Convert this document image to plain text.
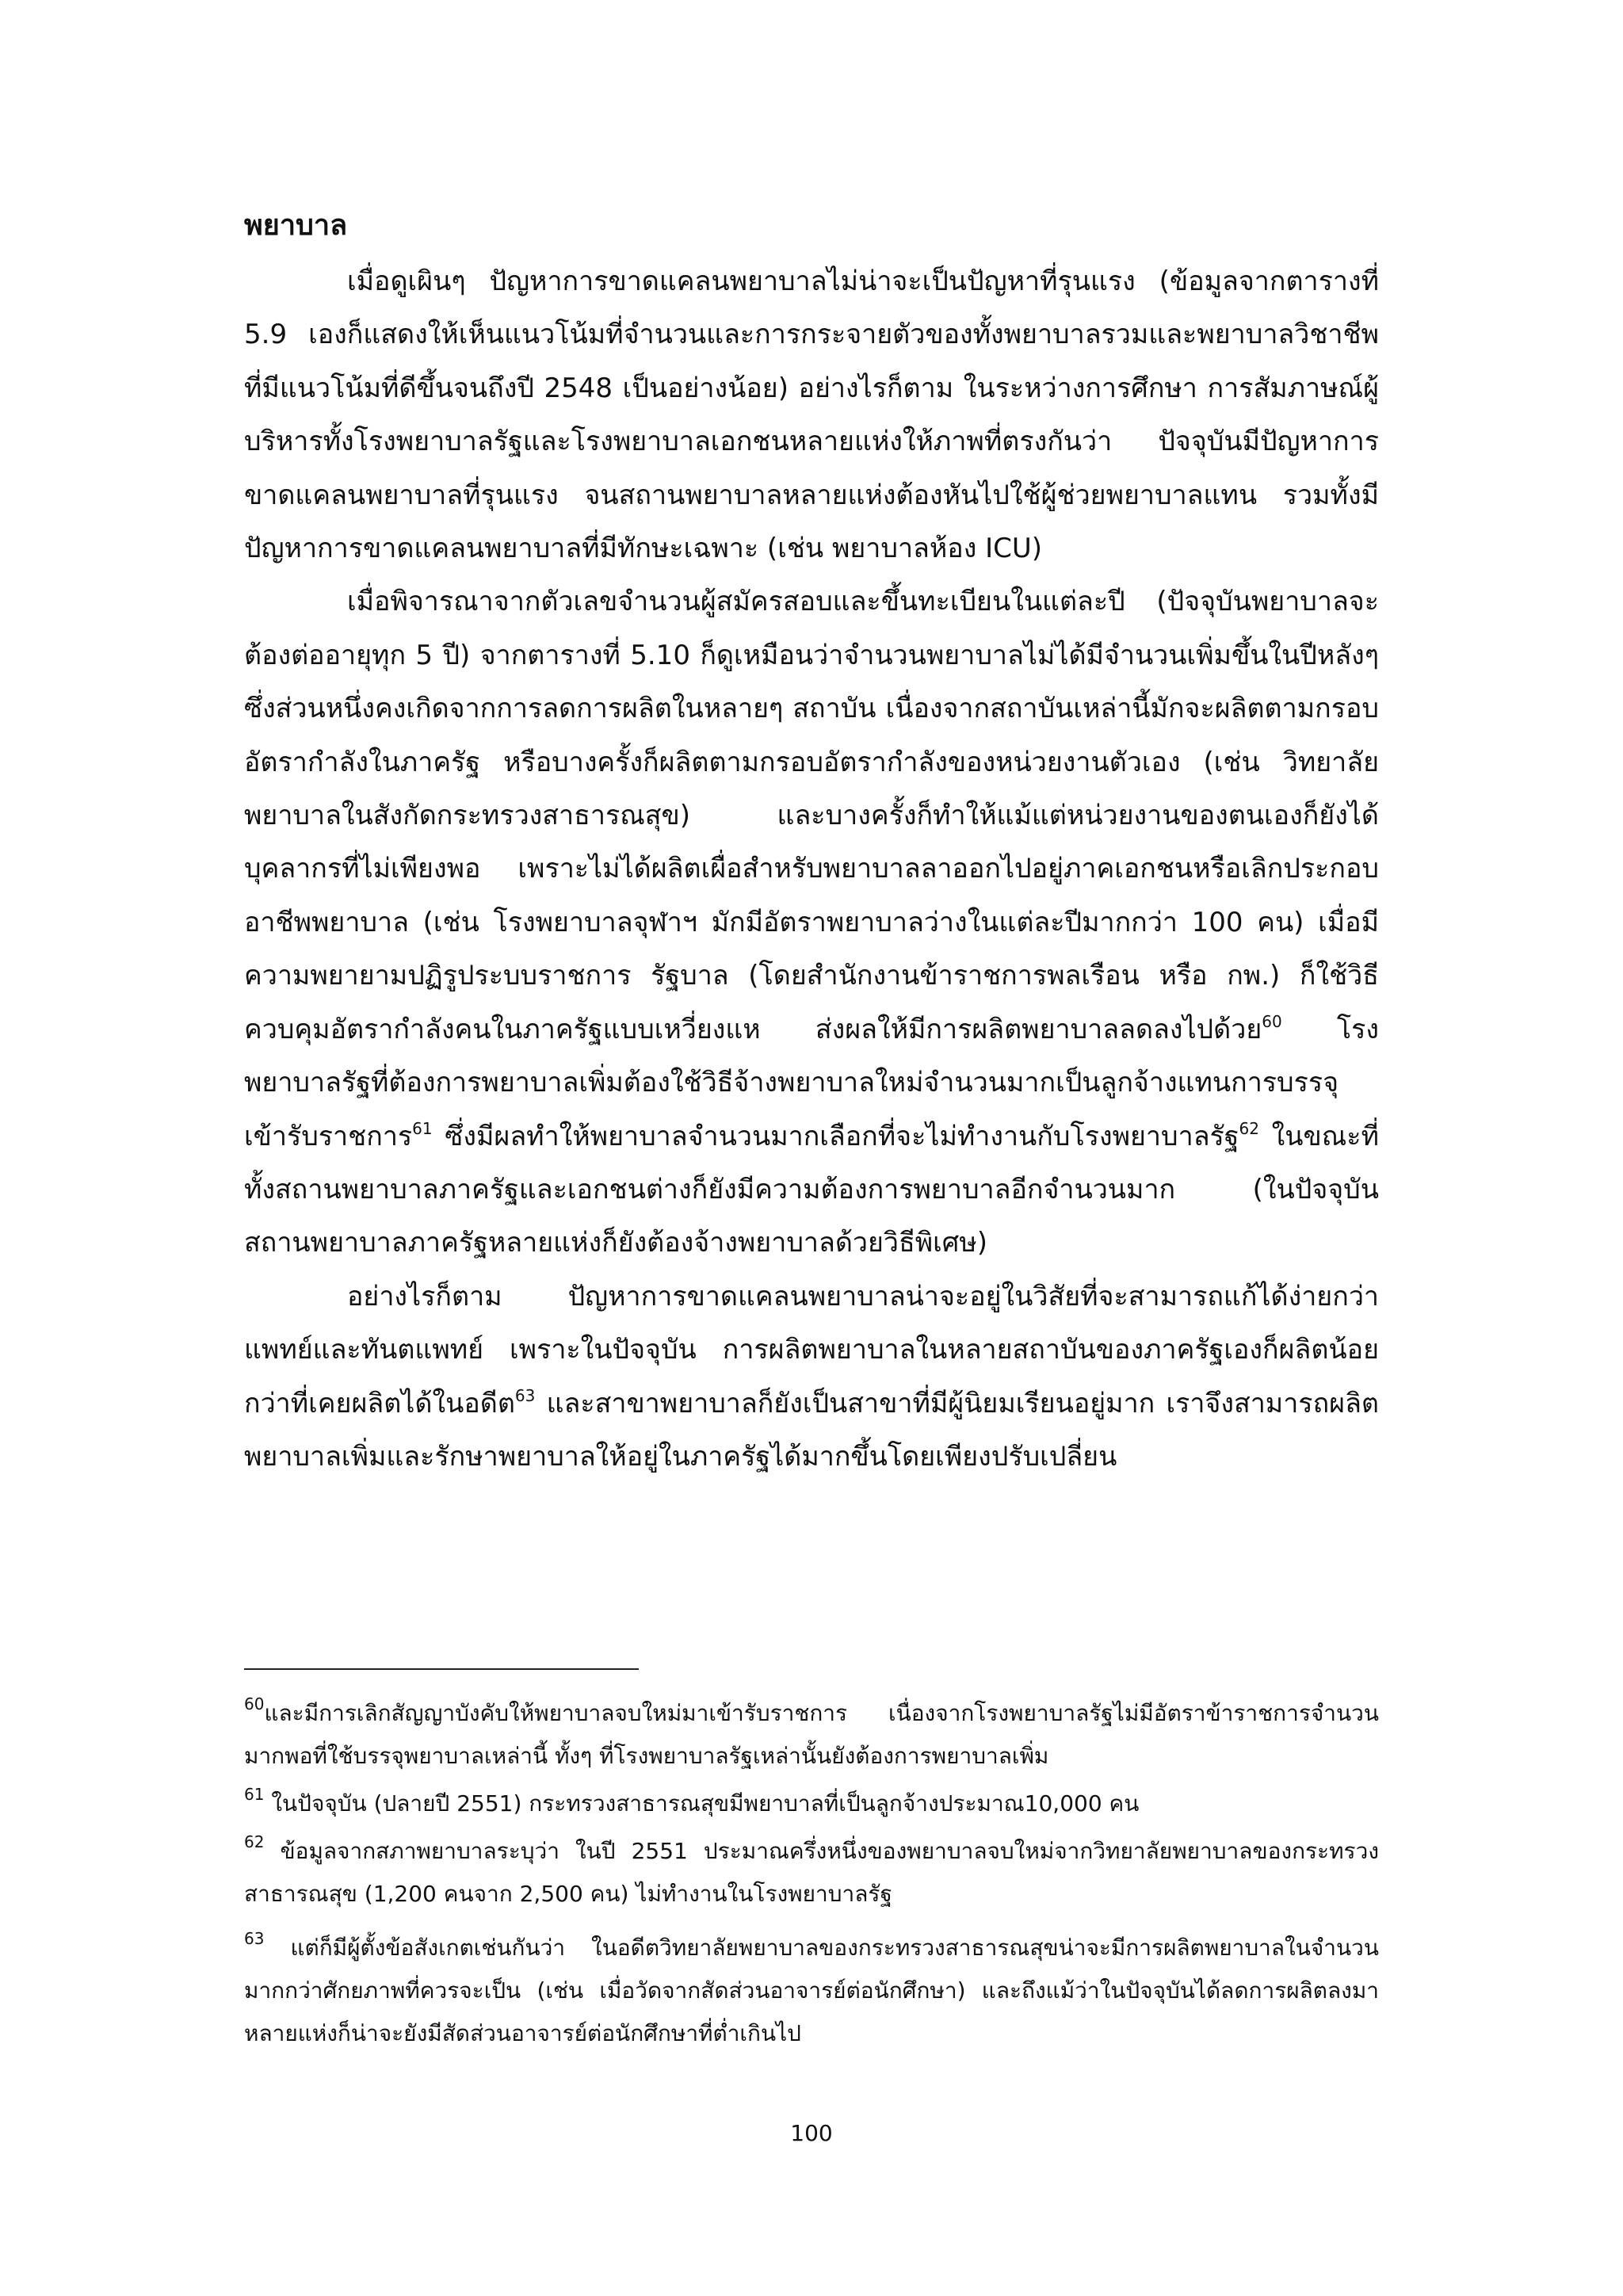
พยาบาล

เมื่อดูเผินๆ ปัญหาการขาดแคลนพยาบาลไม่น่าจะเป็นปัญหาที่รุนแรง (ข้อมูลจากตารางที่ 5.9 เองก็แสดงให้เห็นแนวโน้มที่จำนวนและการกระจายตัวของทั้งพยาบาลรวมและพยาบาลวิชาชีพที่มีแนวโน้มที่ดีขึ้นจนถึงปี 2548 เป็นอย่างน้อย) อย่างไรก็ตาม ในระหว่างการศึกษา การสัมภาษณ์ผู้บริหารทั้งโรงพยาบาลรัฐและโรงพยาบาลเอกชนหลายแห่งให้ภาพที่ตรงกันว่า ปัจจุบันมีปัญหาการขาดแคลนพยาบาลที่รุนแรง จนสถานพยาบาลหลายแห่งต้องหันไปใช้ผู้ช่วยพยาบาลแทน รวมทั้งมีปัญหาการขาดแคลนพยาบาลที่มีทักษะเฉพาะ (เช่น พยาบาลห้อง ICU)

เมื่อพิจารณาจากตัวเลขจำนวนผู้สมัครสอบและขึ้นทะเบียนในแต่ละปี (ปัจจุบันพยาบาลจะต้องต่ออายุทุก 5 ปี) จากตารางที่ 5.10 ก็ดูเหมือนว่าจำนวนพยาบาลไม่ได้มีจำนวนเพิ่มขึ้นในปีหลังๆ ซึ่งส่วนหนึ่งคงเกิดจากการลดการผลิตในหลายๆ สถาบัน เนื่องจากสถาบันเหล่านี้มักจะผลิตตามกรอบอัตรากำลังในภาครัฐ หรือบางครั้งก็ผลิตตามกรอบอัตรากำลังของหน่วยงานตัวเอง (เช่น วิทยาลัยพยาบาลในสังกัดกระทรวงสาธารณสุข) และบางครั้งก็ทำให้แม้แต่หน่วยงานของตนเองก็ยังได้บุคลากรที่ไม่เพียงพอ เพราะไม่ได้ผลิตเผื่อสำหรับพยาบาลลาออกไปอยู่ภาคเอกชนหรือเลิกประกอบอาชีพพยาบาล (เช่น โรงพยาบาลจุฬาฯ มักมีอัตราพยาบาลว่างในแต่ละปีมากกว่า 100 คน) เมื่อมีความพยายามปฏิรูประบบราชการ รัฐบาล (โดยสำนักงานข้าราชการพลเรือน หรือ กพ.) ก็ใช้วิธีควบคุมอัตรากำลังคนในภาครัฐแบบเหวี่ยงแห ส่งผลให้มีการผลิตพยาบาลลดลงไปด้วย$^{60}$ โรงพยาบาลรัฐที่ต้องการพยาบาลเพิ่มต้องใช้วิธีจ้างพยาบาลใหม่จำนวนมากเป็นลูกจ้างแทนการบรรจุเข้ารับราชการ$^{61}$ ซึ่งมีผลทำให้พยาบาลจำนวนมากเลือกที่จะไม่ทำงานกับโรงพยาบาลรัฐ$^{62}$ ในขณะที่ทั้งสถานพยาบาลภาครัฐและเอกชนต่างก็ยังมีความต้องการพยาบาลอีกจำนวนมาก (ในปัจจุบัน สถานพยาบาลภาครัฐหลายแห่งก็ยังต้องจ้างพยาบาลด้วยวิธีพิเศษ)

อย่างไรก็ตาม ปัญหาการขาดแคลนพยาบาลน่าจะอยู่ในวิสัยที่จะสามารถแก้ได้ง่ายกว่าแพทย์และทันตแพทย์ เพราะในปัจจุบัน การผลิตพยาบาลในหลายสถาบันของภาครัฐเองก็ผลิตน้อยกว่าที่เคยผลิตได้ในอดีต$^{63}$ และสาขาพยาบาลก็ยังเป็นสาขาที่มีผู้นิยมเรียนอยู่มาก เราจึงสามารถผลิตพยาบาลเพิ่มและรักษาพยาบาลให้อยู่ในภาครัฐได้มากขึ้นโดยเพียงปรับเปลี่ยน

$^{60}$และมีการเลิกสัญญาบังคับให้พยาบาลจบใหม่มาเข้ารับราชการ เนื่องจากโรงพยาบาลรัฐไม่มีอัตราข้าราชการจำนวนมากพอที่ใช้บรรจุพยาบาลเหล่านี้ ทั้งๆ ที่โรงพยาบาลรัฐเหล่านั้นยังต้องการพยาบาลเพิ่ม

$^{61}$ ในปัจจุบัน (ปลายปี 2551) กระทรวงสาธารณสุขมีพยาบาลที่เป็นลูกจ้างประมาณ10,000 คน

$^{62}$ ข้อมูลจากสภาพยาบาลระบุว่า ในปี 2551 ประมาณครึ่งหนึ่งของพยาบาลจบใหม่จากวิทยาลัยพยาบาลของกระทรวงสาธารณสุข (1,200 คนจาก 2,500 คน) ไม่ทำงานในโรงพยาบาลรัฐ

$^{63}$ แต่ก็มีผู้ตั้งข้อสังเกตเช่นกันว่า ในอดีตวิทยาลัยพยาบาลของกระทรวงสาธารณสุขน่าจะมีการผลิตพยาบาลในจำนวนมากกว่าศักยภาพที่ควรจะเป็น (เช่น เมื่อวัดจากสัดส่วนอาจารย์ต่อนักศึกษา) และถึงแม้ว่าในปัจจุบันได้ลดการผลิตลงมา หลายแห่งก็น่าจะยังมีสัดส่วนอาจารย์ต่อนักศึกษาที่ต่ำเกินไป

100
